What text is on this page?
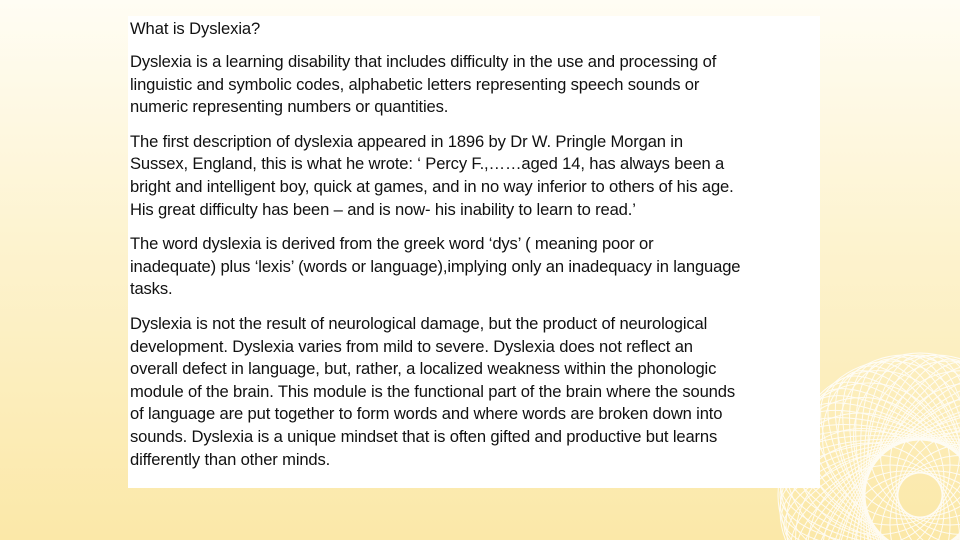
What is Dyslexia?
Dyslexia is a learning disability that includes difficulty in the use and processing of
linguistic and symbolic codes, alphabetic letters representing speech sounds or
numeric representing numbers or quantities.
The first description of dyslexia appeared in 1896 by Dr W. Pringle Morgan in
Sussex, England, this is what he wrote: ‘ Percy F.,……aged 14, has always been a
bright and intelligent boy, quick at games, and in no way inferior to others of his age.
His great difficulty has been – and is now- his inability to learn to read.’
The word dyslexia is derived from the greek word ‘dys’ ( meaning poor or
inadequate) plus ‘lexis’ (words or language),implying only an inadequacy in language
tasks.
Dyslexia is not the result of neurological damage, but the product of neurological
development. Dyslexia varies from mild to severe. Dyslexia does not reflect an
overall defect in language, but, rather, a localized weakness within the phonologic
module of the brain. This module is the functional part of the brain where the sounds
of language are put together to form words and where words are broken down into
sounds. Dyslexia is a unique mindset that is often gifted and productive but learns
differently than other minds.
